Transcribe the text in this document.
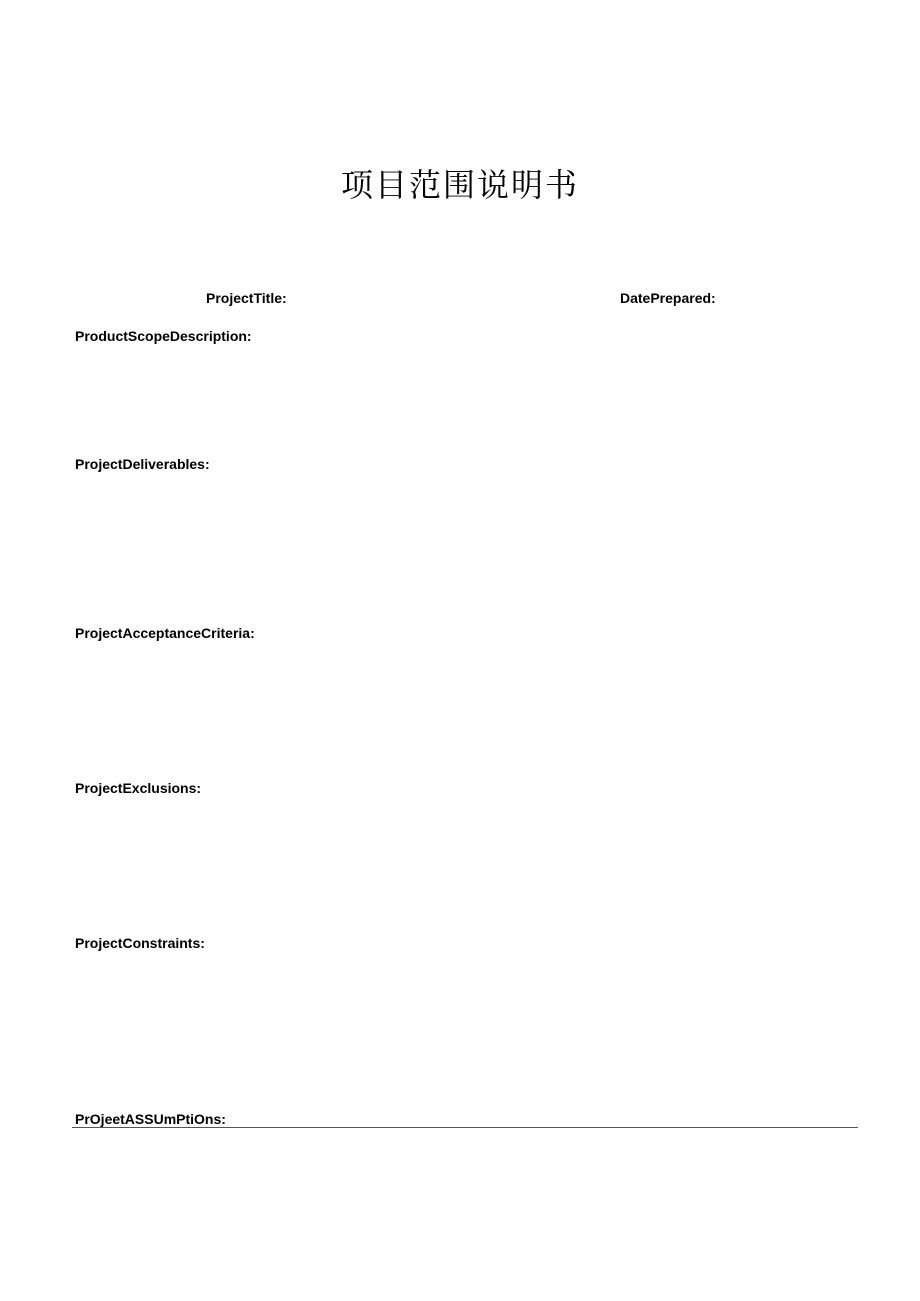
项目范围说明书

ProjectTitle:	DatePrepared:

ProductScopeDescription:

ProjectDeliverables:

ProjectAcceptanceCriteria:

ProjectExclusions:

ProjectConstraints:

PrOjeetASSUmPtiOns:
